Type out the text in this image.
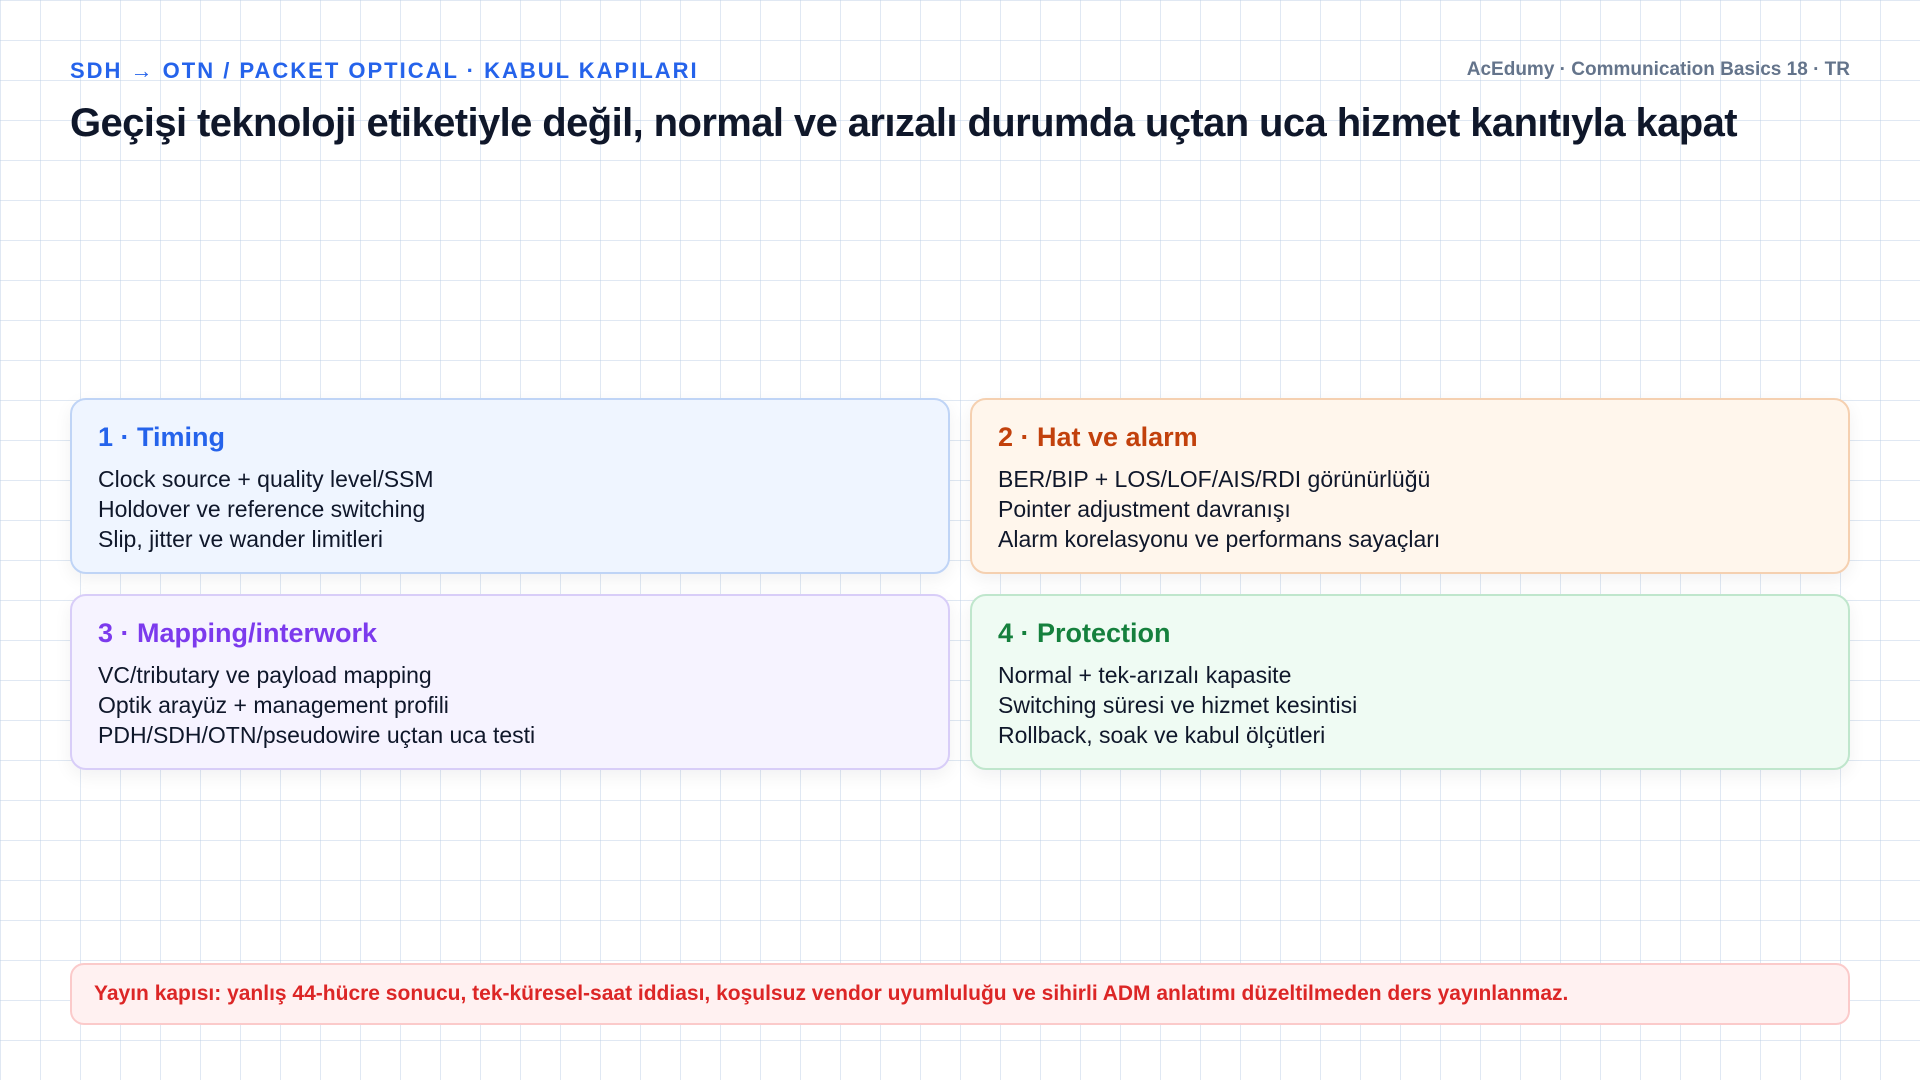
SDH → OTN / PACKET OPTICAL · KABUL KAPILARI	AcEdumy · Communication Basics 18 · TR
Geçişi teknoloji etiketiyle değil, normal ve arızalı durumda uçtan uca hizmet kanıtıyla kapat
1 · Timing
Clock source + quality level/SSM
Holdover ve reference switching
Slip, jitter ve wander limitleri
2 · Hat ve alarm
BER/BIP + LOS/LOF/AIS/RDI görünürlüğü
Pointer adjustment davranışı
Alarm korelasyonu ve performans sayaçları
3 · Mapping/interwork
VC/tributary ve payload mapping
Optik arayüz + management profili
PDH/SDH/OTN/pseudowire uçtan uca testi
4 · Protection
Normal + tek-arızalı kapasite
Switching süresi ve hizmet kesintisi
Rollback, soak ve kabul ölçütleri
Yayın kapısı: yanlış 44-hücre sonucu, tek-küresel-saat iddiası, koşulsuz vendor uyumluluğu ve sihirli ADM anlatımı düzeltilmeden ders yayınlanmaz.
